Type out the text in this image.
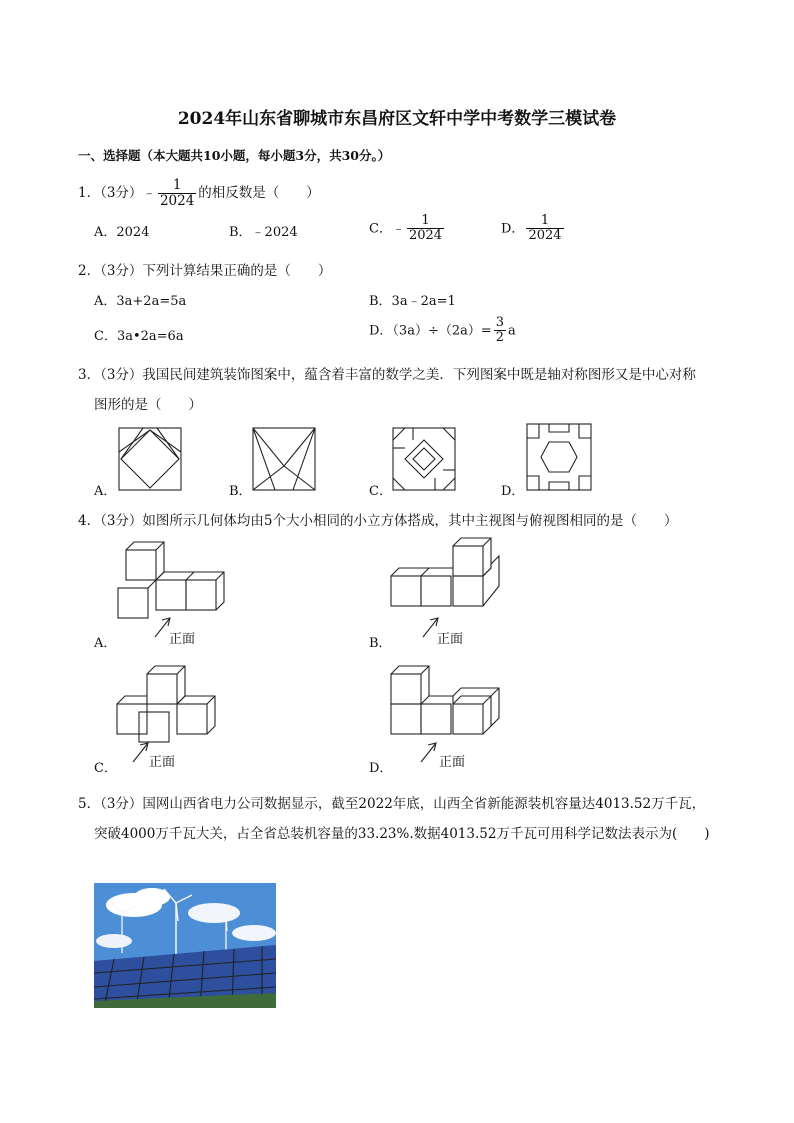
2024年山东省聊城市东昌府区文轩中学中考数学三模试卷
一、选择题（本大题共10小题，每小题3分，共30分。）
1．（3分）﹣ $\frac{1}{2024}$ 的相反数是（　　）
A．2024	B．﹣2024	C．﹣ $\frac{1}{2024}$	D． $\frac{1}{2024}$
2．（3分）下列计算结果正确的是（　　）
A．3a+2a=5a	B．3a﹣2a=1
C．3a•2a=6a	D．$(3a)\div(2a)= \frac{3}{2}$ a
3．（3分）我国民间建筑装饰图案中，蕴含着丰富的数学之美．下列图案中既是轴对称图形又是中心对称
图形的是（　　）
A．	B．	C．	D．
4．（3分）如图所示几何体均由5个大小相同的小立方体搭成，其中主视图与俯视图相同的是（　　）
A．	正面	B．	正面
C． 正面	D．	正面
5．（3分）国网山西省电力公司数据显示，截至2022年底，山西全省新能源装机容量达4013.52万千瓦，
突破4000万千瓦大关，占全省总装机容量的33.23%.数据4013.52万千瓦可用科学记数法表示为(　　)
